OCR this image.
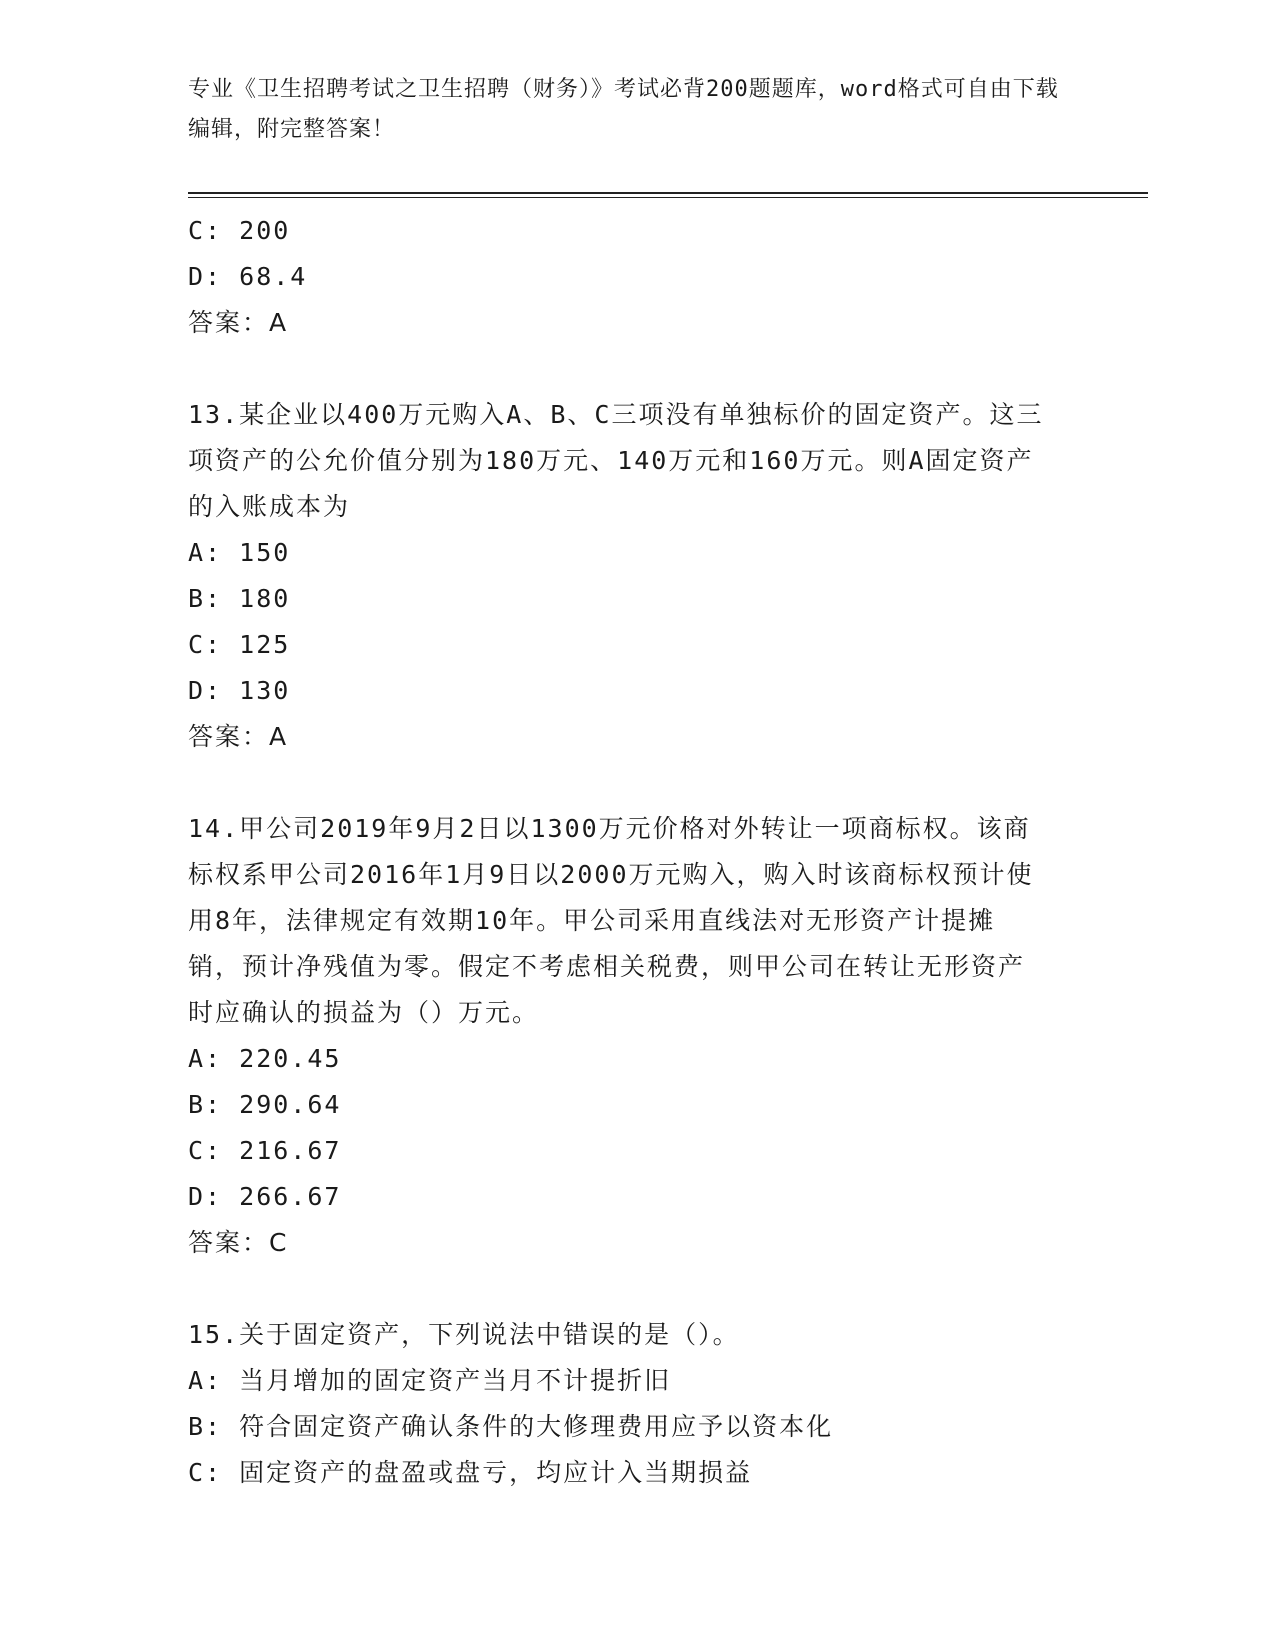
专业《卫生招聘考试之卫生招聘（财务）》考试必背200题题库，word格式可自由下载编辑，附完整答案！

C: 200

D: 68.4

答案：A

13.某企业以400万元购入A、B、C三项没有单独标价的固定资产。这三项资产的公允价值分别为180万元、140万元和160万元。则A固定资产的入账成本为

A: 150

B: 180

C: 125

D: 130

答案：A

14.甲公司2019年9月2日以1300万元价格对外转让一项商标权。该商标权系甲公司2016年1月9日以2000万元购入，购入时该商标权预计使用8年，法律规定有效期10年。甲公司采用直线法对无形资产计提摊销，预计净残值为零。假定不考虑相关税费，则甲公司在转让无形资产时应确认的损益为（）万元。

A: 220.45

B: 290.64

C: 216.67

D: 266.67

答案：C

15.关于固定资产，下列说法中错误的是（）。

A: 当月增加的固定资产当月不计提折旧

B: 符合固定资产确认条件的大修理费用应予以资本化

C: 固定资产的盘盈或盘亏，均应计入当期损益
